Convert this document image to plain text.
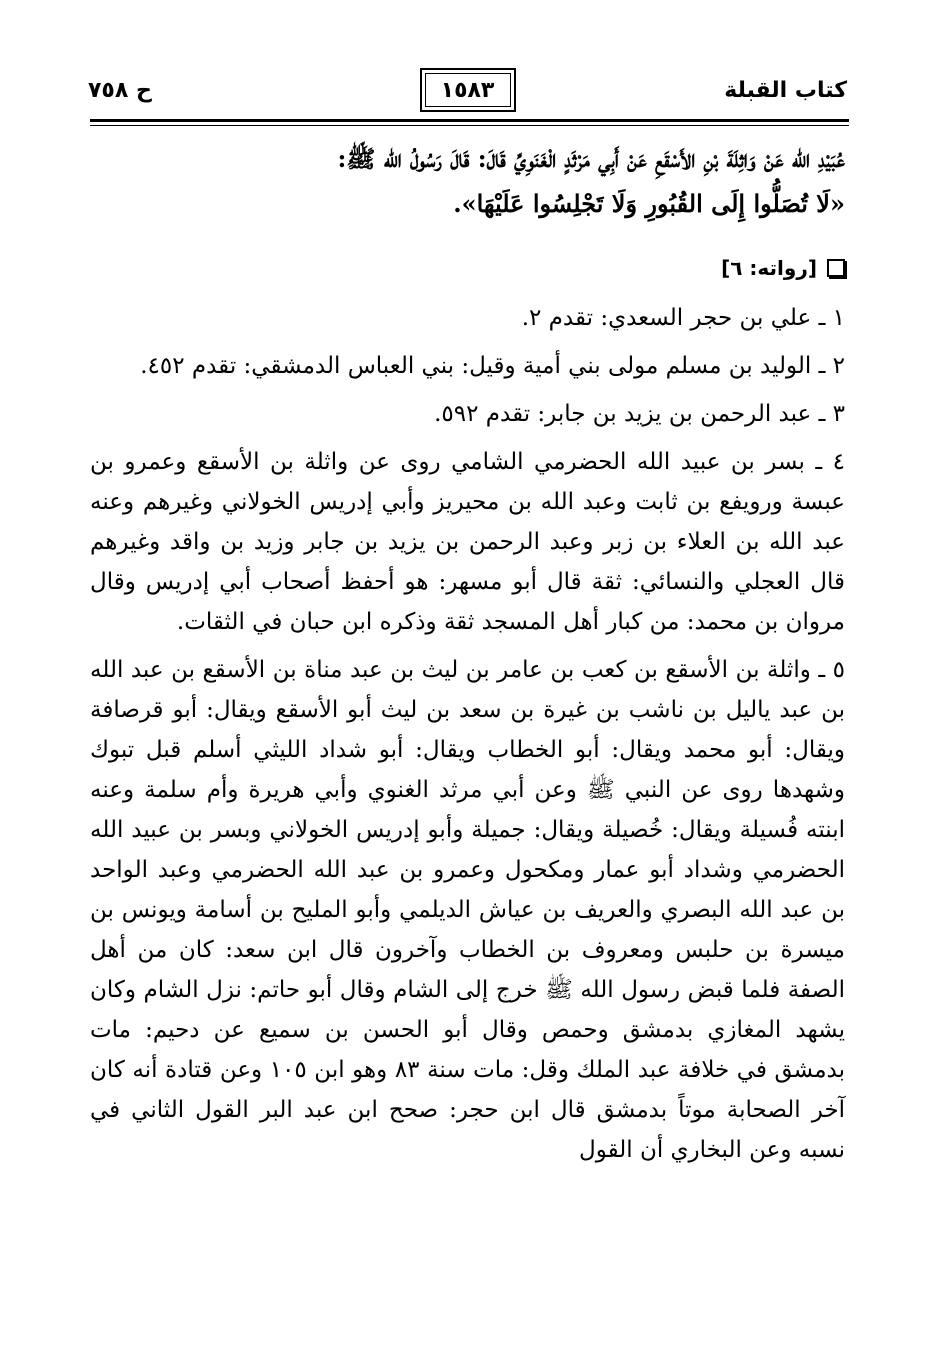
كتاب القبلة
١٥٨٣
ح ٧٥٨
عُبَيْدِ الله عَنْ وَاثِلَةَ بْنِ الأَسْقَعِ عَنْ أَبِي مَرْثَدٍ الْغَنَوِيِّ قَالَ: قَالَ رَسُولُ الله ﷺ:
«لَا تُصَلُّوا إِلَى القُبُورِ وَلَا تَجْلِسُوا عَلَيْهَا».
[رواته: ٦]

١ ـ علي بن حجر السعدي: تقدم ٢.

٢ ـ الوليد بن مسلم مولى بني أمية وقيل: بني العباس الدمشقي: تقدم ٤٥٢.

٣ ـ عبد الرحمن بن يزيد بن جابر: تقدم ٥٩٢.

٤ ـ بسر بن عبيد الله الحضرمي الشامي روى عن واثلة بن الأسقع وعمرو بن عبسة ورويفع بن ثابت وعبد الله بن محيريز وأبي إدريس الخولاني وغيرهم وعنه عبد الله بن العلاء بن زبر وعبد الرحمن بن يزيد بن جابر وزيد بن واقد وغيرهم قال العجلي والنسائي: ثقة قال أبو مسهر: هو أحفظ أصحاب أبي إدريس وقال مروان بن محمد: من كبار أهل المسجد ثقة وذكره ابن حبان في الثقات.

٥ ـ واثلة بن الأسقع بن كعب بن عامر بن ليث بن عبد مناة بن الأسقع بن عبد الله بن عبد ياليل بن ناشب بن غيرة بن سعد بن ليث أبو الأسقع ويقال: أبو قرصافة ويقال: أبو محمد ويقال: أبو الخطاب ويقال: أبو شداد الليثي أسلم قبل تبوك وشهدها روى عن النبي ﷺ وعن أبي مرثد الغنوي وأبي هريرة وأم سلمة وعنه ابنته فُسيلة ويقال: خُصيلة ويقال: جميلة وأبو إدريس الخولاني وبسر بن عبيد الله الحضرمي وشداد أبو عمار ومكحول وعمرو بن عبد الله الحضرمي وعبد الواحد بن عبد الله البصري والعريف بن عياش الديلمي وأبو المليح بن أسامة ويونس بن ميسرة بن حلبس ومعروف بن الخطاب وآخرون قال ابن سعد: كان من أهل الصفة فلما قبض رسول الله ﷺ خرج إلى الشام وقال أبو حاتم: نزل الشام وكان يشهد المغازي بدمشق وحمص وقال أبو الحسن بن سميع عن دحيم: مات بدمشق في خلافة عبد الملك وقل: مات سنة ٨٣ وهو ابن ١٠٥ وعن قتادة أنه كان آخر الصحابة موتاً بدمشق قال ابن حجر: صحح ابن عبد البر القول الثاني في نسبه وعن البخاري أن القول
